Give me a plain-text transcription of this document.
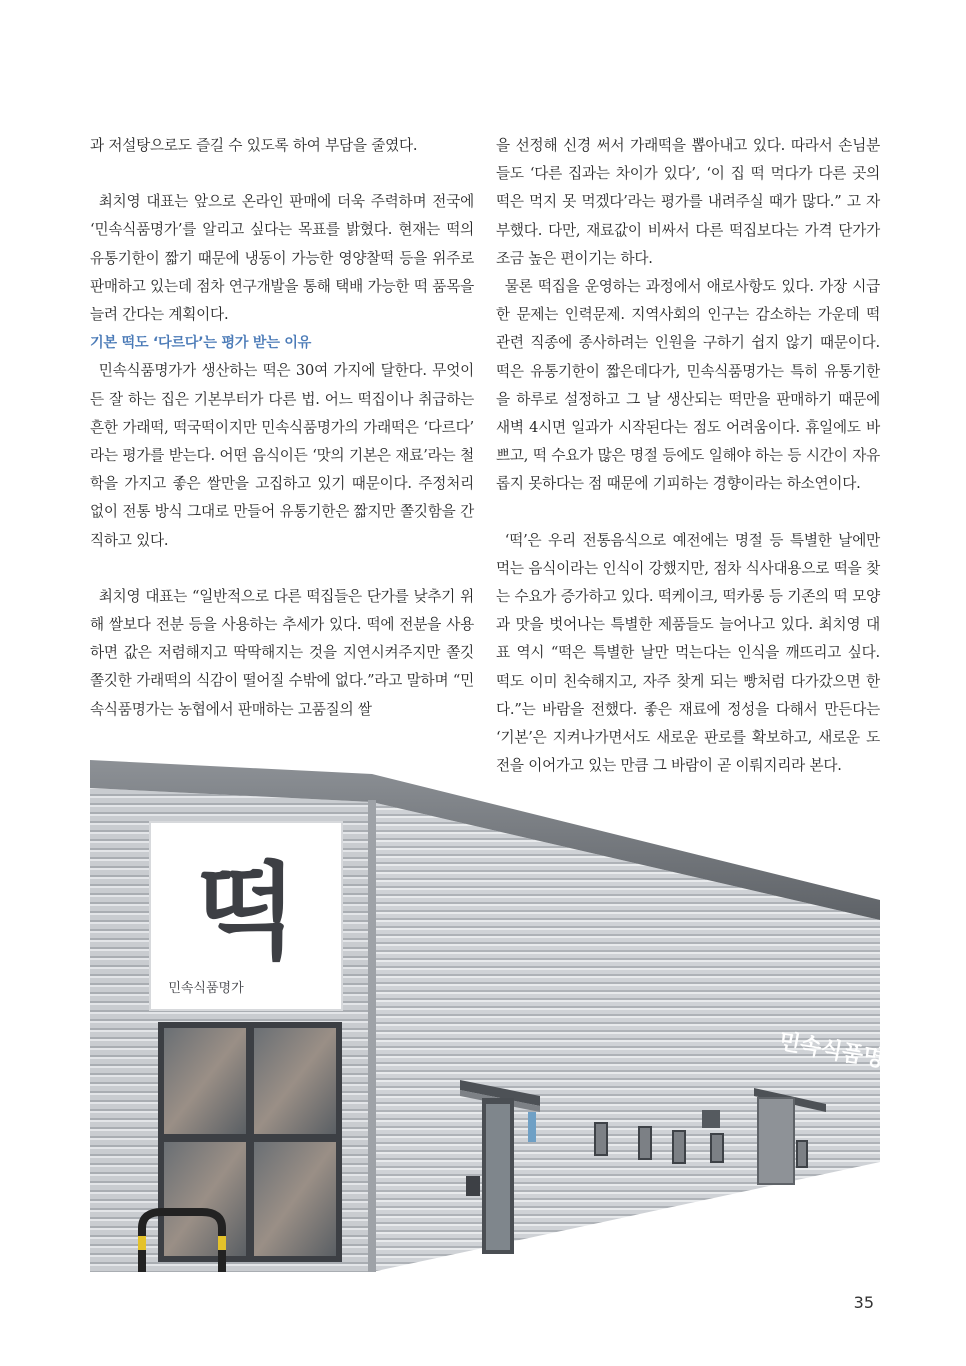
과 저설탕으로도 즐길 수 있도록 하여 부담을 줄였다.

최치영 대표는 앞으로 온라인 판매에 더욱 주력하며 전국에 ‘민속식품명가’를 알리고 싶다는 목표를 밝혔다. 현재는 떡의 유통기한이 짧기 때문에 냉동이 가능한 영양찰떡 등을 위주로 판매하고 있는데 점차 연구개발을 통해 택배 가능한 떡 품목을 늘려 간다는 계획이다.

기본 떡도 ‘다르다’는 평가 받는 이유

민속식품명가가 생산하는 떡은 30여 가지에 달한다. 무엇이든 잘 하는 집은 기본부터가 다른 법. 어느 떡집이나 취급하는 흔한 가래떡, 떡국떡이지만 민속식품명가의 가래떡은 ‘다르다’ 라는 평가를 받는다. 어떤 음식이든 ‘맛의 기본은 재료’라는 철학을 가지고 좋은 쌀만을 고집하고 있기 때문이다. 주정처리 없이 전통 방식 그대로 만들어 유통기한은 짧지만 쫄깃함을 간직하고 있다.

최치영 대표는 “일반적으로 다른 떡집들은 단가를 낮추기 위해 쌀보다 전분 등을 사용하는 추세가 있다. 떡에 전분을 사용하면 값은 저렴해지고 딱딱해지는 것을 지연시켜주지만 쫄깃쫄깃한 가래떡의 식감이 떨어질 수밖에 없다.”라고 말하며 “민속식품명가는 농협에서 판매하는 고품질의 쌀

을 선정해 신경 써서 가래떡을 뽑아내고 있다. 따라서 손님분들도 ‘다른 집과는 차이가 있다’, ‘이 집 떡 먹다가 다른 곳의 떡은 먹지 못 먹겠다’라는 평가를 내려주실 때가 많다.” 고 자부했다. 다만, 재료값이 비싸서 다른 떡집보다는 가격 단가가 조금 높은 편이기는 하다.

물론 떡집을 운영하는 과정에서 애로사항도 있다. 가장 시급한 문제는 인력문제. 지역사회의 인구는 감소하는 가운데 떡 관련 직종에 종사하려는 인원을 구하기 쉽지 않기 때문이다. 떡은 유통기한이 짧은데다가, 민속식품명가는 특히 유통기한을 하루로 설정하고 그 날 생산되는 떡만을 판매하기 때문에 새벽 4시면 일과가 시작된다는 점도 어려움이다. 휴일에도 바쁘고, 떡 수요가 많은 명절 등에도 일해야 하는 등 시간이 자유롭지 못하다는 점 때문에 기피하는 경향이라는 하소연이다.

‘떡’은 우리 전통음식으로 예전에는 명절 등 특별한 날에만 먹는 음식이라는 인식이 강했지만, 점차 식사대용으로 떡을 찾는 수요가 증가하고 있다. 떡케이크, 떡카롱 등 기존의 떡 모양과 맛을 벗어나는 특별한 제품들도 늘어나고 있다. 최치영 대표 역시 “떡은 특별한 날만 먹는다는 인식을 깨뜨리고 싶다. 떡도 이미 친숙해지고, 자주 찾게 되는 빵처럼 다가갔으면 한다.”는 바람을 전했다. 좋은 재료에 정성을 다해서 만든다는 ‘기본’은 지켜나가면서도 새로운 판로를 확보하고, 새로운 도전을 이어가고 있는 만큼 그 바람이 곧 이뤄지리라 본다.

떡
민속식품명가
민속식품명가
35
